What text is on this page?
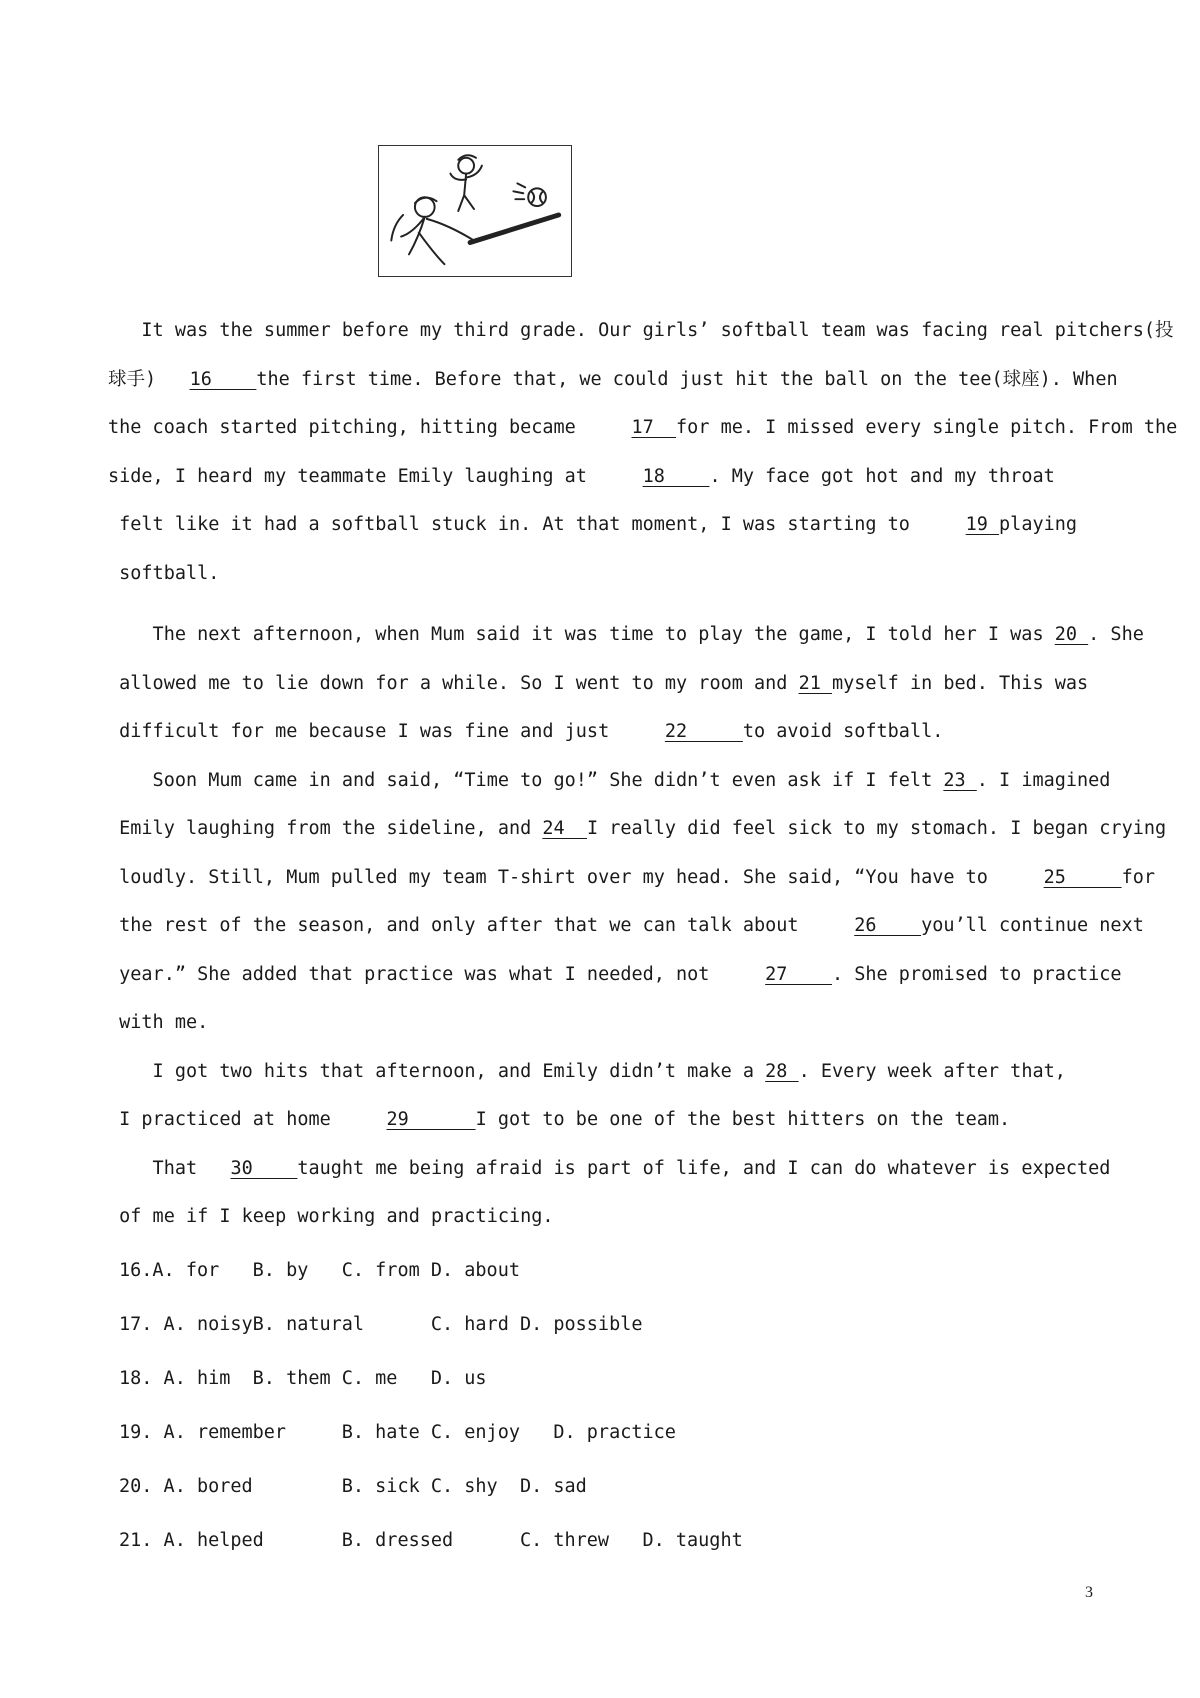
It was the summer before my third grade. Our girls’ softball team was facing real pitchers(投
球手)   16    the first time. Before that, we could just hit the ball on the tee(球座). When
the coach started pitching, hitting became     17  for me. I missed every single pitch. From the
side, I heard my teammate Emily laughing at     18    . My face got hot and my throat
felt like it had a softball stuck in. At that moment, I was starting to     19 playing
softball.
The next afternoon, when Mum said it was time to play the game, I told her I was 20 . She
allowed me to lie down for a while. So I went to my room and 21 myself in bed. This was
difficult for me because I was fine and just     22     to avoid softball.
Soon Mum came in and said, “Time to go!” She didn’t even ask if I felt 23 . I imagined
Emily laughing from the sideline, and 24  I really did feel sick to my stomach. I began crying
loudly. Still, Mum pulled my team T-shirt over my head. She said, “You have to     25     for
the rest of the season, and only after that we can talk about     26    you’ll continue next
year.” She added that practice was what I needed, not     27    . She promised to practice
with me.
I got two hits that afternoon, and Emily didn’t make a 28 . Every week after that,
I practiced at home     29      I got to be one of the best hitters on the team.
That   30    taught me being afraid is part of life, and I can do whatever is expected
of me if I keep working and practicing.
16.A. for   B. by   C. from D. about
17. A. noisyB. natural      C. hard D. possible
18. A. him  B. them C. me   D. us
19. A. remember     B. hate C. enjoy   D. practice
20. A. bored        B. sick C. shy  D. sad
21. A. helped       B. dressed      C. threw   D. taught
3
